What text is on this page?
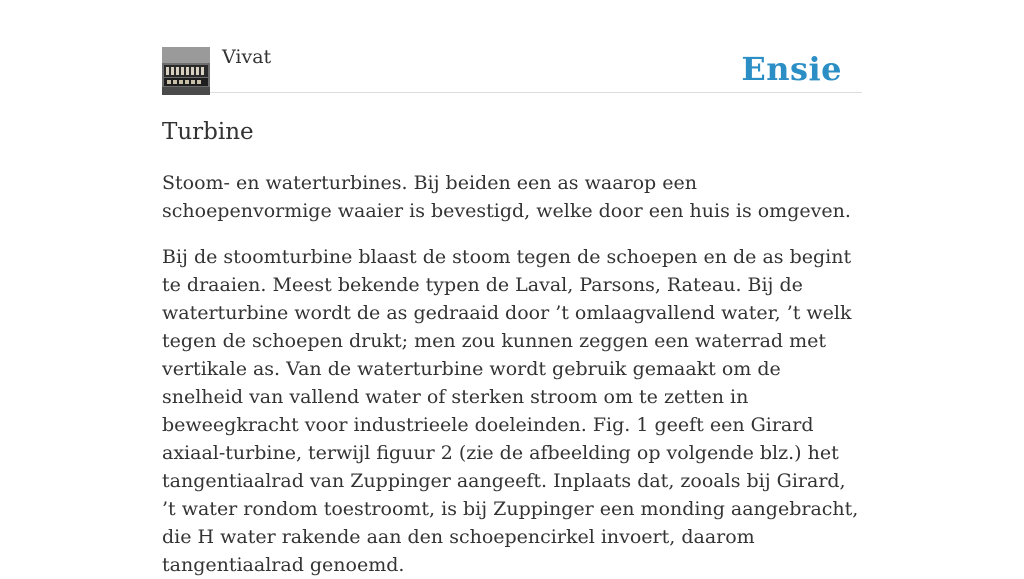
Vivat	Ensie
Turbine

Stoom- en waterturbines. Bij beiden een as waarop een schoepenvormige waaier is bevestigd, welke door een huis is omgeven.

Bij de stoomturbine blaast de stoom tegen de schoepen en de as begint te draaien. Meest bekende typen de Laval, Parsons, Rateau. Bij de waterturbine wordt de as gedraaid door ’t omlaagvallend water, ’t welk tegen de schoepen drukt; men zou kunnen zeggen een waterrad met vertikale as. Van de waterturbine wordt gebruik gemaakt om de snelheid van vallend water of sterken stroom om te zetten in beweegkracht voor industrieele doeleinden. Fig. 1 geeft een Girard axiaal-turbine, terwijl figuur 2 (zie de afbeelding op volgende blz.) het tangentiaalrad van Zuppinger aangeeft. Inplaats dat, zooals bij Girard, ’t water rondom toestroomt, is bij Zuppinger een monding aangebracht, die H water rakende aan den schoepencirkel invoert, daarom tangentiaalrad genoemd.
